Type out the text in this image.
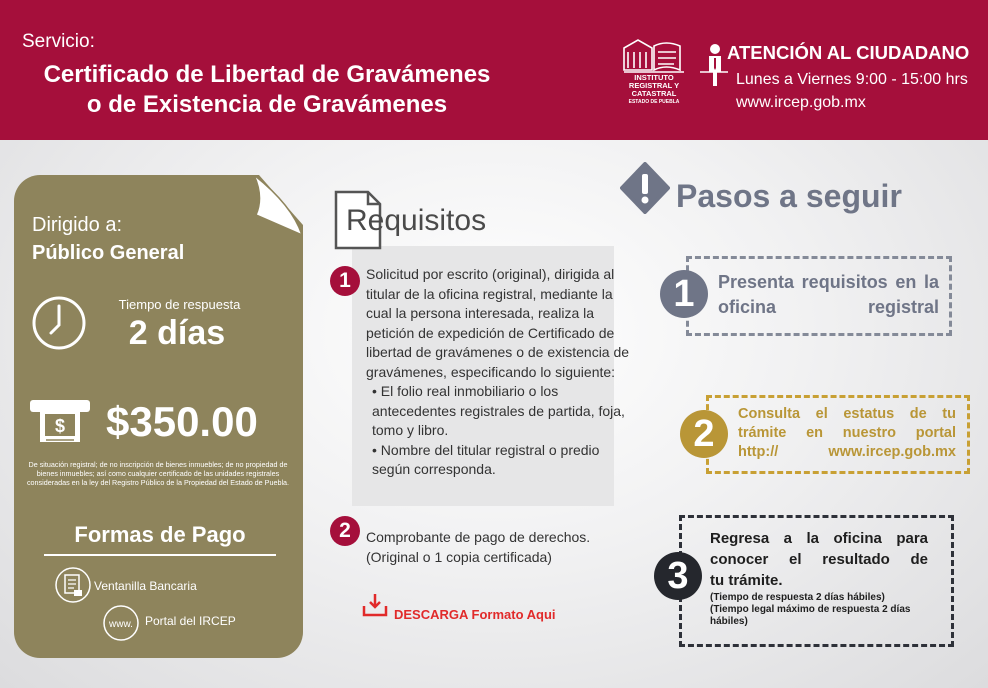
Servicio:
Certificado de Libertad de Gravámenes
o de Existencia de Gravámenes
INSTITUTO
REGISTRAL Y
CATASTRAL
ESTADO DE PUEBLA
ATENCIÓN AL CIUDADANO
Lunes a Viernes 9:00 - 15:00 hrs
www.ircep.gob.mx
Dirigido a:
Público General
Tiempo de respuesta
2 días
$ $350.00
De situación registral; de no inscripción de bienes inmuebles; de no propiedad de bienes inmuebles; así como cualquier certificado de las unidades registrales consideradas en la ley del Registro Público de la Propiedad del Estado de Puebla.
Formas de Pago
Ventanilla Bancaria
www. Portal del IRCEP
Requisitos
1	Solicitud por escrito (original), dirigida al titular de la oficina registral, mediante la cual la persona interesada, realiza la petición de expedición de Certificado de libertad de gravámenes o de existencia de gravámenes, especificando lo siguiente:
• El folio real inmobiliario o los antecedentes registrales de partida, foja, tomo y libro.
• Nombre del titular registral o predio según corresponda.
2	Comprobante de pago de derechos.
(Original o 1 copia certificada)
DESCARGA Formato Aqui
Pasos a seguir
1	Presenta requisitos en la oficina registral
2	Consulta el estatus de tu
trámite en nuestro portal
http://	www.ircep.gob.mx
3
Regresa a la oficina para
conocer el resultado de
tu trámite.
(Tiempo de respuesta 2 días hábiles)
(Tiempo legal máximo de respuesta 2 días hábiles)
